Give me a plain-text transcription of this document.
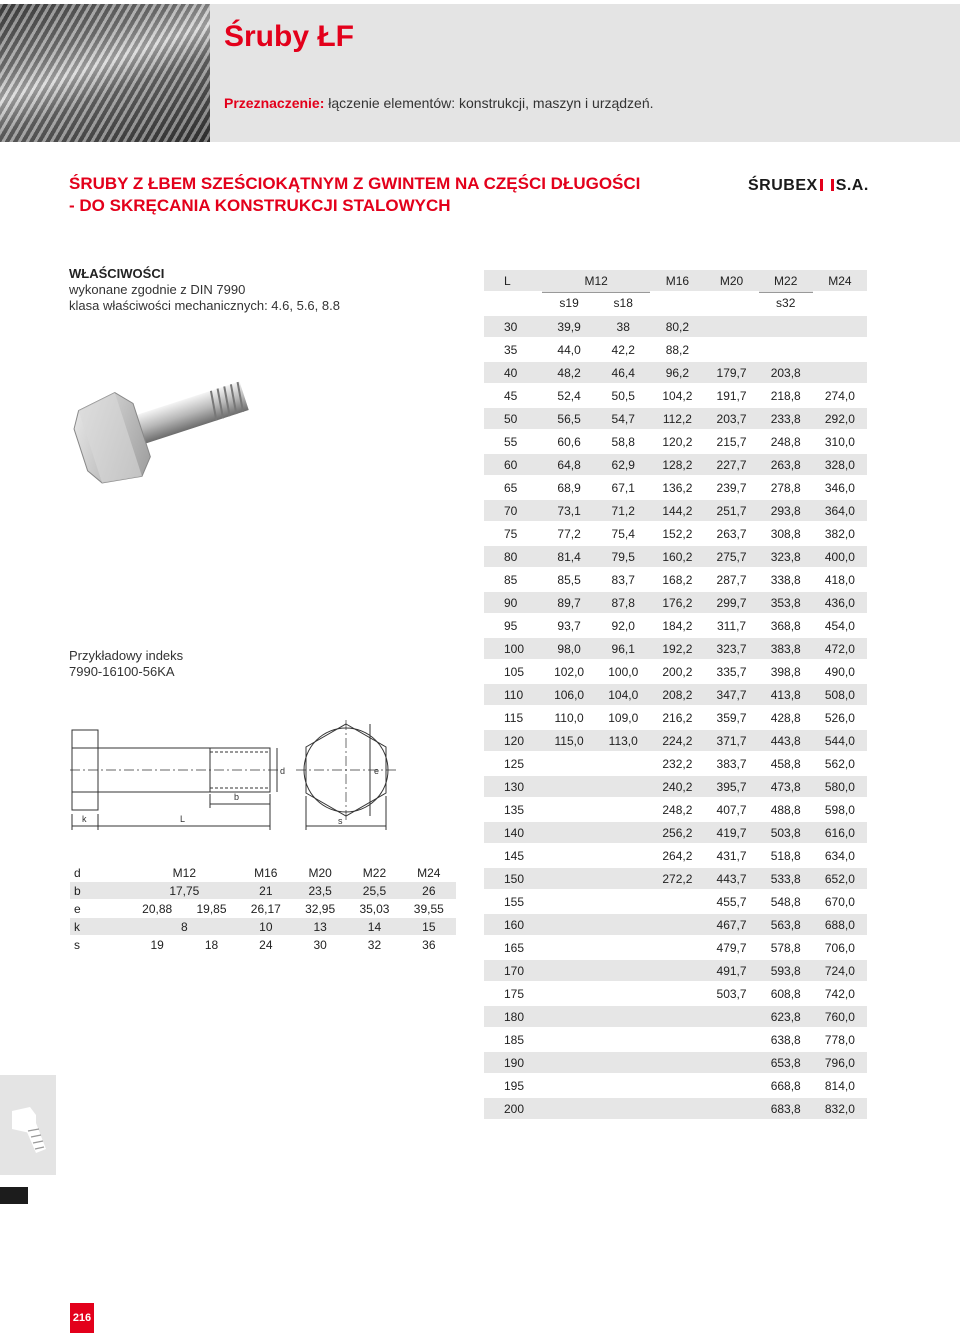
Śruby ŁF
Przeznaczenie: łączenie elementów: konstrukcji, maszyn i urządzeń.
ŚRUBY Z ŁBEM SZEŚCIOKĄTNYM Z GWINTEM NA CZĘŚCI DŁUGOŚCI
- DO SKRĘCANIA KONSTRUKCJI STALOWYCH
ŚRUBEX S.A.
WŁAŚCIWOŚCI
wykonane zgodnie z DIN 7990
klasa właściwości mechanicznych: 4.6, 5.6, 8.8
Przykładowy indeks
7990-16100-56KA
k	L
b
d
s
e
d	M12		M16	M20	M22	M24
b	17,75		21	23,5	25,5	26
e	20,88	19,85	26,17	32,95	35,03	39,55
k	8		10	13	14	15
s	19	18	24	30	32	36
L	M12		M16	M20	M22	M24
	s19	s18			s32	
30	39,9	38	80,2			
35	44,0	42,2	88,2			
40	48,2	46,4	96,2	179,7	203,8	
45	52,4	50,5	104,2	191,7	218,8	274,0
50	56,5	54,7	112,2	203,7	233,8	292,0
55	60,6	58,8	120,2	215,7	248,8	310,0
60	64,8	62,9	128,2	227,7	263,8	328,0
65	68,9	67,1	136,2	239,7	278,8	346,0
70	73,1	71,2	144,2	251,7	293,8	364,0
75	77,2	75,4	152,2	263,7	308,8	382,0
80	81,4	79,5	160,2	275,7	323,8	400,0
85	85,5	83,7	168,2	287,7	338,8	418,0
90	89,7	87,8	176,2	299,7	353,8	436,0
95	93,7	92,0	184,2	311,7	368,8	454,0
100	98,0	96,1	192,2	323,7	383,8	472,0
105	102,0	100,0	200,2	335,7	398,8	490,0
110	106,0	104,0	208,2	347,7	413,8	508,0
115	110,0	109,0	216,2	359,7	428,8	526,0
120	115,0	113,0	224,2	371,7	443,8	544,0
125			232,2	383,7	458,8	562,0
130			240,2	395,7	473,8	580,0
135			248,2	407,7	488,8	598,0
140			256,2	419,7	503,8	616,0
145			264,2	431,7	518,8	634,0
150			272,2	443,7	533,8	652,0
155				455,7	548,8	670,0
160				467,7	563,8	688,0
165				479,7	578,8	706,0
170				491,7	593,8	724,0
175				503,7	608,8	742,0
180					623,8	760,0
185					638,8	778,0
190					653,8	796,0
195					668,8	814,0
200					683,8	832,0
216
